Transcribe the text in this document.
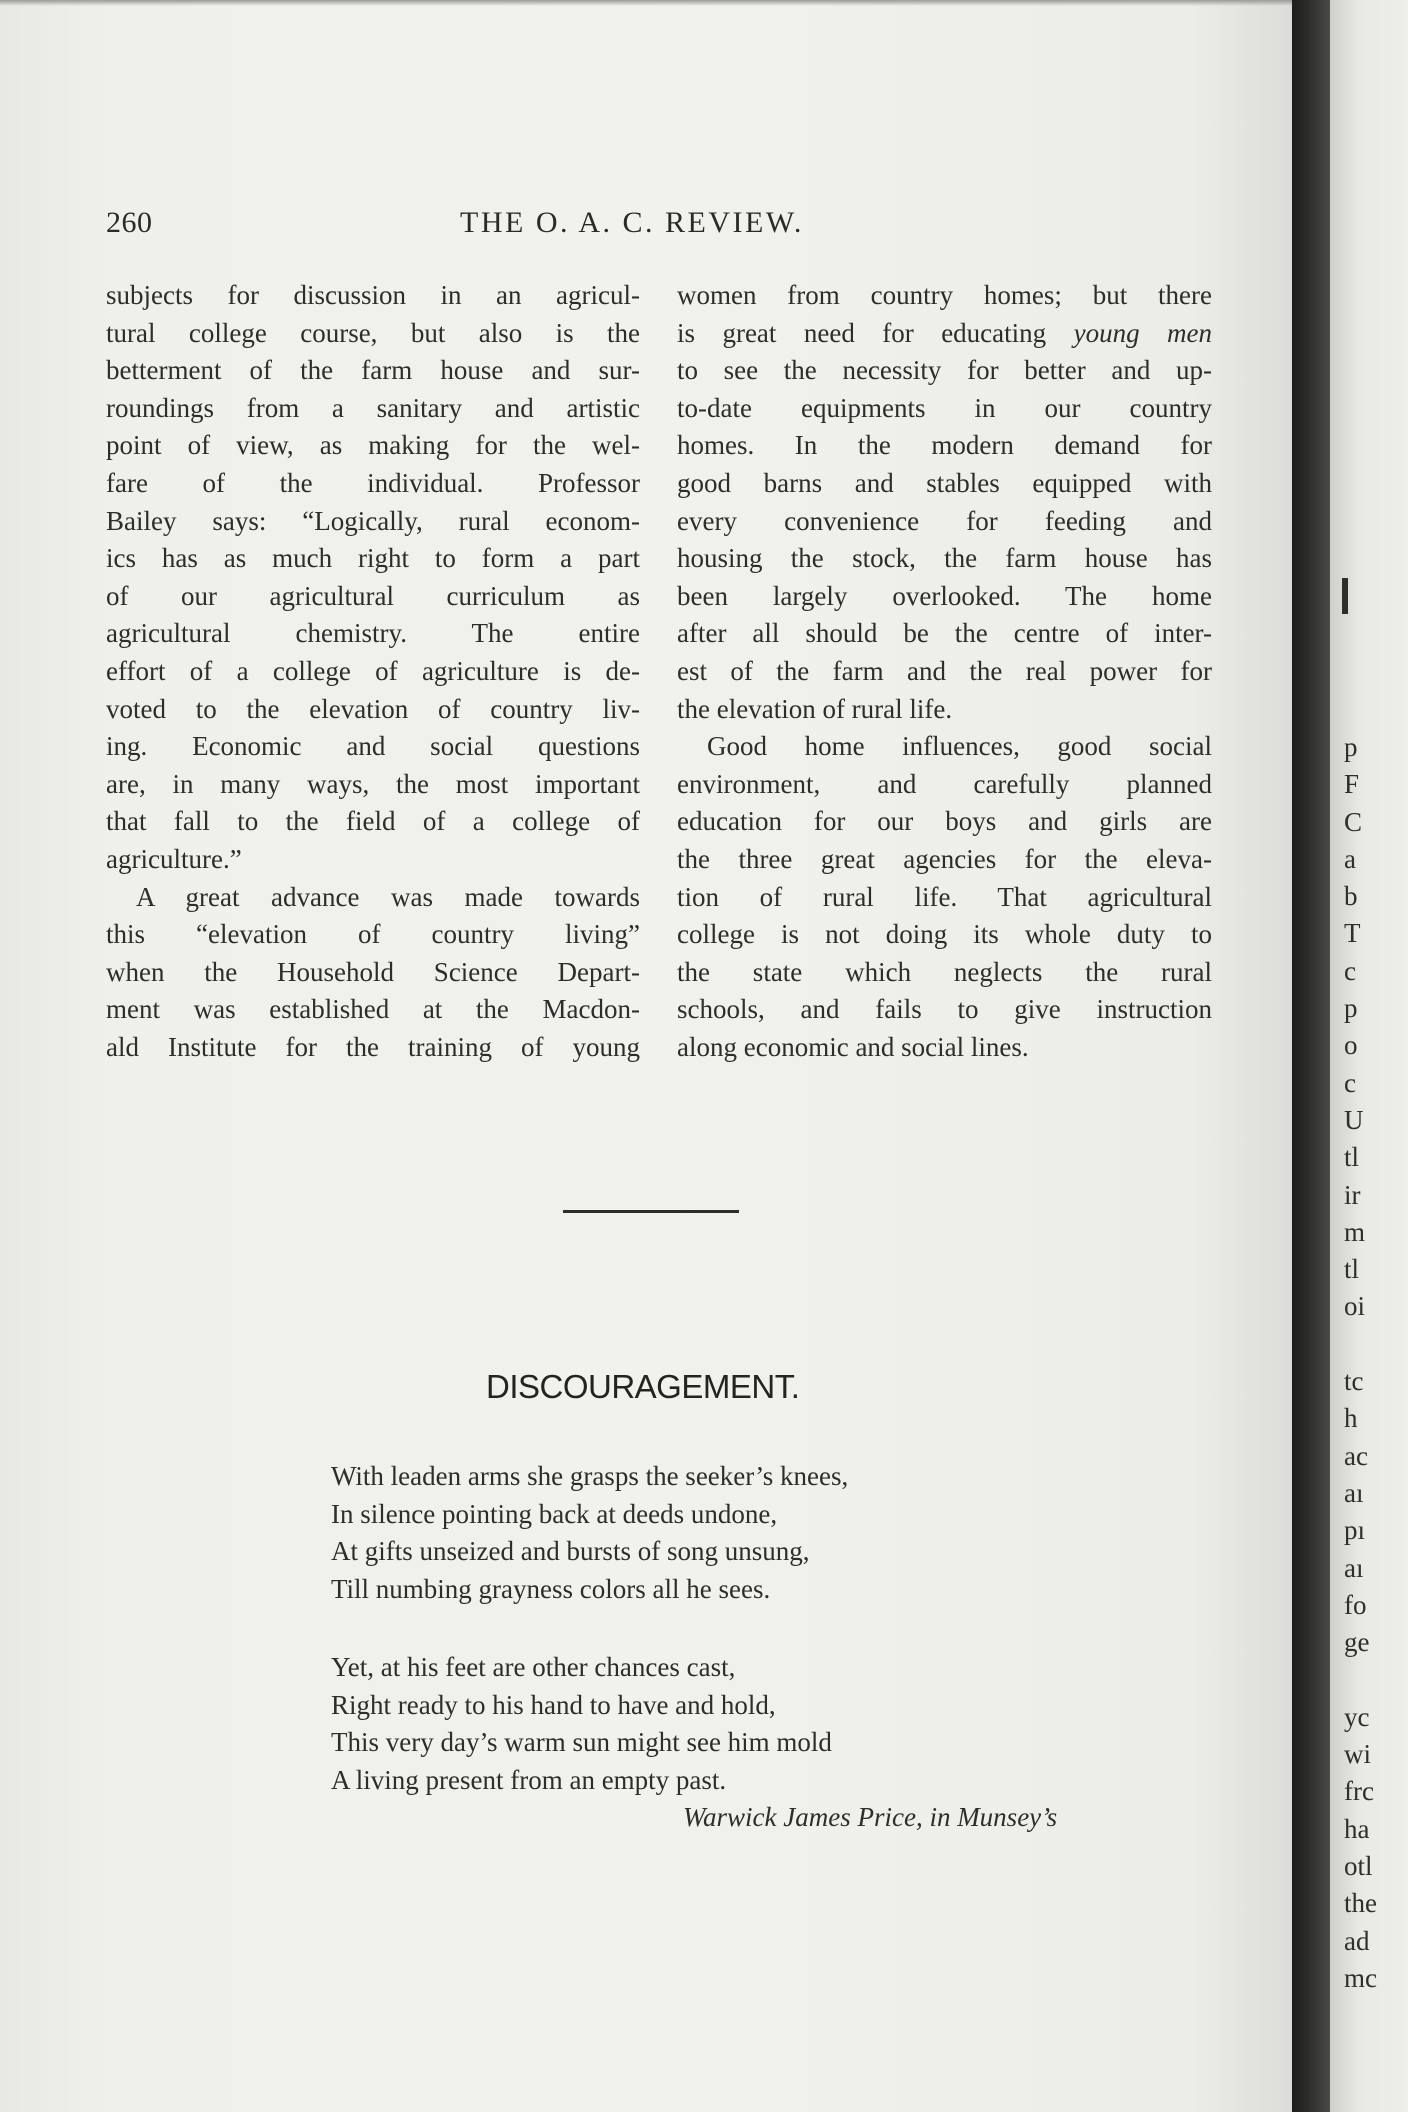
260	THE O. A. C. REVIEW.
subjects for discussion in an agricul-
tural college course, but also is the
betterment of the farm house and sur-
roundings from a sanitary and artistic
point of view, as making for the wel-
fare of the individual. Professor
Bailey says: “Logically, rural econom-
ics has as much right to form a part
of our agricultural curriculum as
agricultural chemistry. The entire
effort of a college of agriculture is de-
voted to the elevation of country liv-
ing. Economic and social questions
are, in many ways, the most important
that fall to the field of a college of
agriculture.”
A great advance was made towards
this “elevation of country living”
when the Household Science Depart-
ment was established at the Macdon-
ald Institute for the training of young
women from country homes; but there
is great need for educating young men
to see the necessity for better and up-
to-date equipments in our country
homes. In the modern demand for
good barns and stables equipped with
every convenience for feeding and
housing the stock, the farm house has
been largely overlooked. The home
after all should be the centre of inter-
est of the farm and the real power for
the elevation of rural life.
Good home influences, good social
environment, and carefully planned
education for our boys and girls are
the three great agencies for the eleva-
tion of rural life. That agricultural
college is not doing its whole duty to
the state which neglects the rural
schools, and fails to give instruction
along economic and social lines.
DISCOURAGEMENT.
With leaden arms she grasps the seeker’s knees,
In silence pointing back at deeds undone,
At gifts unseized and bursts of song unsung,
Till numbing grayness colors all he sees.
Yet, at his feet are other chances cast,
Right ready to his hand to have and hold,
This very day’s warm sun might see him mold
A living present from an empty past.
Warwick James Price, in Munsey’s
p
F
C
a
b
T
c
p
o
c
U
tl
ir
m
tl
oi
tc
h
ac
aı
pı
aı
fo
ge
yc
wi
frc
ha
otl
the
ad
mc
